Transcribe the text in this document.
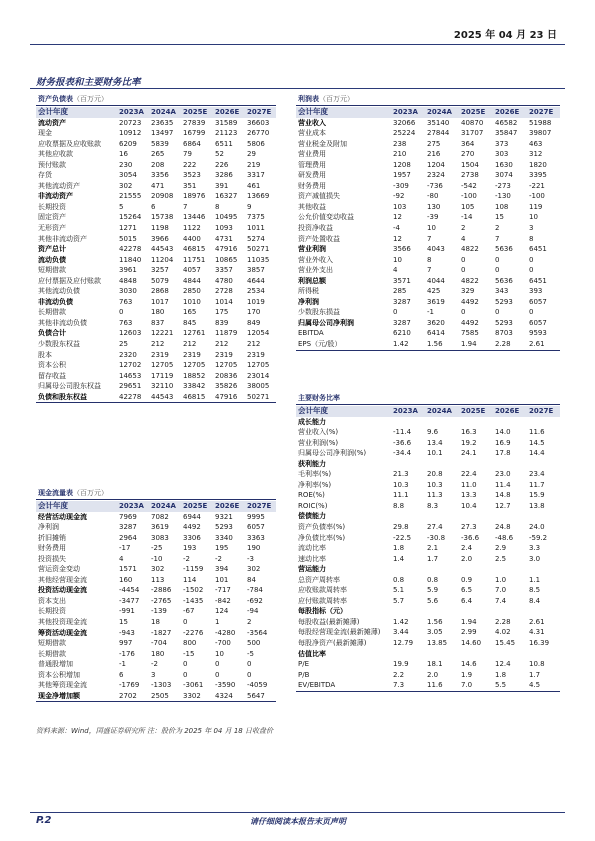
2025 年 04 月 23 日
财务报表和主要财务比率
资产负债表（百万元）
会计年度	2023A	2024A	2025E	2026E	2027E
流动资产	20723	23635	27839	31589	36603
现金	10912	13497	16799	21123	26770
应收票据及应收账款	6209	5839	6864	6511	5806
其他应收款	16	265	79	52	29
预付账款	230	208	222	226	219
存货	3054	3356	3523	3286	3317
其他流动资产	302	471	351	391	461
非流动资产	21555	20908	18976	16327	13669
长期投资	5	6	7	8	9
固定资产	15264	15738	13446	10495	7375
无形资产	1271	1198	1122	1093	1011
其他非流动资产	5015	3966	4400	4731	5274
资产总计	42278	44543	46815	47916	50271
流动负债	11840	11204	11751	10865	11035
短期借款	3961	3257	4057	3357	3857
应付票据及应付账款	4848	5079	4844	4780	4644
其他流动负债	3030	2868	2850	2728	2534
非流动负债	763	1017	1010	1014	1019
长期借款	0	180	165	175	170
其他非流动负债	763	837	845	839	849
负债合计	12603	12221	12761	11879	12054
少数股东权益	25	212	212	212	212
股本	2320	2319	2319	2319	2319
资本公积	12702	12705	12705	12705	12705
留存收益	14653	17119	18852	20836	23014
归属母公司股东权益	29651	32110	33842	35826	38005
负债和股东权益	42278	44543	46815	47916	50271
现金流量表（百万元）
会计年度	2023A	2024A	2025E	2026E	2027E
经营活动现金流	7969	7082	6944	9321	9995
净利润	3287	3619	4492	5293	6057
折旧摊销	2964	3083	3306	3340	3363
财务费用	-17	-25	193	195	190
投资损失	4	-10	-2	-2	-3
营运资金变动	1571	302	-1159	394	302
其他经营现金流	160	113	114	101	84
投资活动现金流	-4454	-2886	-1502	-717	-784
资本支出	-3477	-2765	-1435	-842	-692
长期投资	-991	-139	-67	124	-94
其他投资现金流	15	18	0	1	2
筹资活动现金流	-943	-1827	-2276	-4280	-3564
短期借款	997	-704	800	-700	500
长期借款	-176	180	-15	10	-5
普通股增加	-1	-2	0	0	0
资本公积增加	6	3	0	0	0
其他筹资现金流	-1769	-1303	-3061	-3590	-4059
现金净增加额	2702	2505	3302	4324	5647
利润表（百万元）
会计年度	2023A	2024A	2025E	2026E	2027E
营业收入	32066	35140	40870	46582	51988
营业成本	25224	27844	31707	35847	39807
营业税金及附加	238	275	364	373	463
营业费用	210	216	270	303	312
管理费用	1208	1204	1504	1630	1820
研发费用	1957	2324	2738	3074	3395
财务费用	-309	-736	-542	-273	-221
资产减值损失	-92	-80	-100	-130	-100
其他收益	103	130	105	108	119
公允价值变动收益	12	-39	-14	15	10
投资净收益	-4	10	2	2	3
资产处置收益	12	7	4	7	8
营业利润	3566	4043	4822	5636	6451
营业外收入	10	8	0	0	0
营业外支出	4	7	0	0	0
利润总额	3571	4044	4822	5636	6451
所得税	285	425	329	343	393
净利润	3287	3619	4492	5293	6057
少数股东损益	0	-1	0	0	0
归属母公司净利润	3287	3620	4492	5293	6057
EBITDA	6210	6414	7585	8703	9593
EPS（元/股）	1.42	1.56	1.94	2.28	2.61
主要财务比率
会计年度	2023A	2024A	2025E	2026E	2027E
成长能力					
营业收入(%)	-11.4	9.6	16.3	14.0	11.6
营业利润(%)	-36.6	13.4	19.2	16.9	14.5
归属母公司净利润(%)	-34.4	10.1	24.1	17.8	14.4
获利能力					
毛利率(%)	21.3	20.8	22.4	23.0	23.4
净利率(%)	10.3	10.3	11.0	11.4	11.7
ROE(%)	11.1	11.3	13.3	14.8	15.9
ROIC(%)	8.8	8.3	10.4	12.7	13.8
偿债能力					
资产负债率(%)	29.8	27.4	27.3	24.8	24.0
净负债比率(%)	-22.5	-30.8	-36.6	-48.6	-59.2
流动比率	1.8	2.1	2.4	2.9	3.3
速动比率	1.4	1.7	2.0	2.5	3.0
营运能力					
总资产周转率	0.8	0.8	0.9	1.0	1.1
应收账款周转率	5.1	5.9	6.5	7.0	8.5
应付账款周转率	5.7	5.6	6.4	7.4	8.4
每股指标（元）					
每股收益(最新摊薄)	1.42	1.56	1.94	2.28	2.61
每股经营现金流(最新摊薄)	3.44	3.05	2.99	4.02	4.31
每股净资产(最新摊薄)	12.79	13.85	14.60	15.45	16.39
估值比率					
P/E	19.9	18.1	14.6	12.4	10.8
P/B	2.2	2.0	1.9	1.8	1.7
EV/EBITDA	7.3	11.6	7.0	5.5	4.5
资料来源：Wind，国盛证券研究所 注：股价为 2025 年 04 月 18 日收盘价
P.2	请仔细阅读本报告末页声明
